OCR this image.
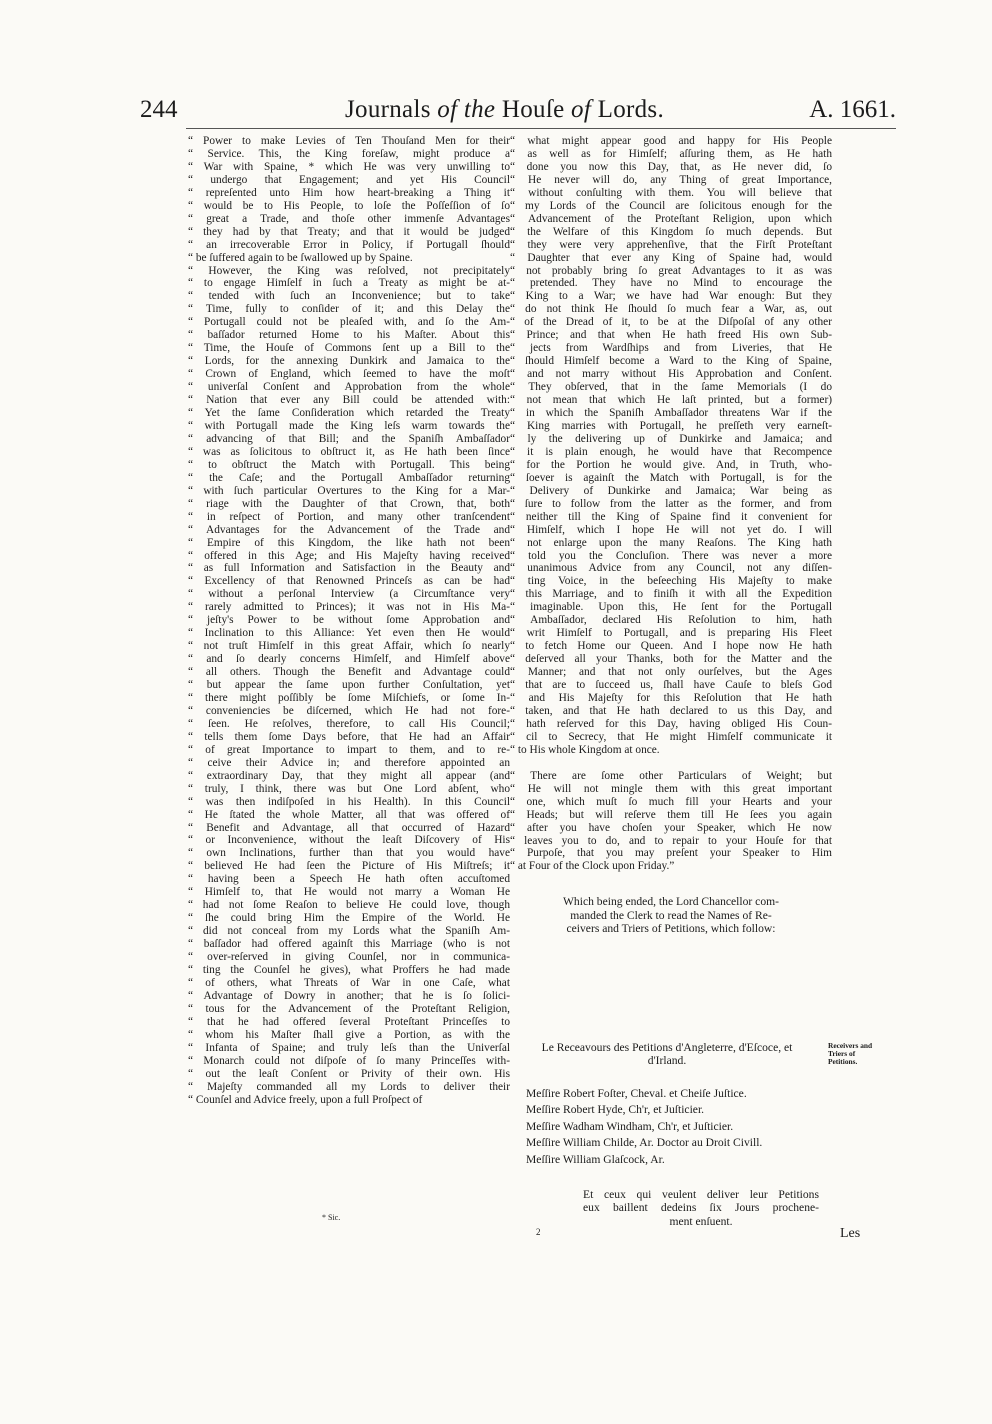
244	Journals of the Houſe of Lords.	A. 1661.
“ Power to make Levies of Ten Thouſand Men for their
“ Service. This, the King foreſaw, might produce a
“ War with Spaine, * which He was very unwilling to
“ undergo that Engagement; and yet His Council
“ repreſented unto Him how heart-breaking a Thing it
“ would be to His People, to loſe the Poſſeſſion of ſo
“ great a Trade, and thoſe other immenſe Advantages
“ they had by that Treaty; and that it would be judged
“ an irrecoverable Error in Policy, if Portugall ſhould
“ be ſuffered again to be ſwallowed up by Spaine.
“ However, the King was reſolved, not precipitately
“ to engage Himſelf in ſuch a Treaty as might be at-
“ tended with ſuch an Inconvenience; but to take
“ Time, fully to conſider of it; and this Delay the
“ Portugall could not be pleaſed with, and ſo the Am-
“ baſſador returned Home to his Maſter. About this
“ Time, the Houſe of Commons ſent up a Bill to the
“ Lords, for the annexing Dunkirk and Jamaica to the
“ Crown of England, which ſeemed to have the moſt
“ univerſal Conſent and Approbation from the whole
“ Nation that ever any Bill could be attended with:
“ Yet the ſame Conſideration which retarded the Treaty
“ with Portugall made the King leſs warm towards the
“ advancing of that Bill; and the Spaniſh Ambaſſador
“ was as ſolicitous to obſtruct it, as He hath been ſince
“ to obſtruct the Match with Portugall. This being
“ the Caſe; and the Portugall Ambaſſador returning
“ with ſuch particular Overtures to the King for a Mar-
“ riage with the Daughter of that Crown, that, both
“ in reſpect of Portion, and many other tranſcendent
“ Advantages for the Advancement of the Trade and
“ Empire of this Kingdom, the like hath not been
“ offered in this Age; and His Majeſty having received
“ as full Information and Satisfaction in the Beauty and
“ Excellency of that Renowned Princeſs as can be had
“ without a perſonal Interview (a Circumſtance very
“ rarely admitted to Princes); it was not in His Ma-
“ jeſty's Power to be without ſome Approbation and
“ Inclination to this Alliance: Yet even then He would
“ not truſt Himſelf in this great Affair, which ſo nearly
“ and ſo dearly concerns Himſelf, and Himſelf above
“ all others. Though the Benefit and Advantage could
“ but appear the ſame upon further Conſultation, yet
“ there might poſſibly be ſome Miſchiefs, or ſome In-
“ conveniencies be diſcerned, which He had not fore-
“ ſeen. He reſolves, therefore, to call His Council;
“ tells them ſome Days before, that He had an Affair
“ of great Importance to impart to them, and to re-
“ ceive their Advice in; and therefore appointed an
“ extraordinary Day, that they might all appear (and
“ truly, I think, there was but One Lord abſent, who
“ was then indiſpoſed in his Health). In this Council
“ He ſtated the whole Matter, all that was offered of
“ Benefit and Advantage, all that occurred of Hazard
“ or Inconvenience, without the leaſt Diſcovery of His
“ own Inclinations, further than that you would have
“ believed He had ſeen the Picture of His Miſtreſs; it
“ having been a Speech He hath often accuſtomed
“ Himſelf to, that He would not marry a Woman He
“ had not ſome Reaſon to believe He could love, though
“ ſhe could bring Him the Empire of the World. He
“ did not conceal from my Lords what the Spaniſh Am-
“ baſſador had offered againſt this Marriage (who is not
“ over-reſerved in giving Counſel, nor in communica-
“ ting the Counſel he gives), what Proffers he had made
“ of others, what Threats of War in one Caſe, what
“ Advantage of Dowry in another; that he is ſo ſolici-
“ tous for the Advancement of the Proteſtant Religion,
“ that he had offered ſeveral Proteſtant Princeſſes to
“ whom his Maſter ſhall give a Portion, as with the
“ Infanta of Spaine; and truly leſs than the Univerſal
“ Monarch could not diſpoſe of ſo many Princeſſes with-
“ out the leaſt Conſent or Privity of their own. His
“ Majeſty commanded all my Lords to deliver their
“ Counſel and Advice freely, upon a full Proſpect of
“ what might appear good and happy for His People
“ as well as for Himſelf; aſſuring them, as He hath
“ done you now this Day, that, as He never did, ſo
“ He never will do, any Thing of great Importance,
“ without conſulting with them. You will believe that
“ my Lords of the Council are ſolicitous enough for the
“ Advancement of the Proteſtant Religion, upon which
“ the Welfare of this Kingdom ſo much depends. But
“ they were very apprehenſive, that the Firſt Proteſtant
“ Daughter that ever any King of Spaine had, would
“ not probably bring ſo great Advantages to it as was
“ pretended. They have no Mind to encourage the
“ King to a War; we have had War enough: But they
“ do not think He ſhould ſo much fear a War, as, out
“ of the Dread of it, to be at the Diſpoſal of any other
“ Prince; and that when He hath freed His own Sub-
“ jects from Wardſhips and from Liveries, that He
“ ſhould Himſelf become a Ward to the King of Spaine,
“ and not marry without His Approbation and Conſent.
“ They obſerved, that in the ſame Memorials (I do
“ not mean that which He laſt printed, but a former)
“ in which the Spaniſh Ambaſſador threatens War if the
“ King marries with Portugall, he preſſeth very earneſt-
“ ly the delivering up of Dunkirke and Jamaica; and
“ it is plain enough, he would have that Recompence
“ for the Portion he would give. And, in Truth, who-
“ ſoever is againſt the Match with Portugall, is for the
“ Delivery of Dunkirke and Jamaica; War being as
“ ſure to follow from the latter as the former, and from
“ neither till the King of Spaine find it convenient for
“ Himſelf, which I hope He will not yet do. I will
“ not enlarge upon the many Reaſons. The King hath
“ told you the Concluſion. There was never a more
“ unanimous Advice from any Council, not any diſſen-
“ ting Voice, in the beſeeching His Majeſty to make
“ this Marriage, and to finiſh it with all the Expedition
“ imaginable. Upon this, He ſent for the Portugall
“ Ambaſſador, declared His Reſolution to him, hath
“ writ Himſelf to Portugall, and is preparing His Fleet
“ to fetch Home our Queen. And I hope now He hath
“ deſerved all your Thanks, both for the Matter and the
“ Manner; and that not only ourſelves, but the Ages
“ that are to ſucceed us, ſhall have Cauſe to bleſs God
“ and His Majeſty for this Reſolution that He hath
“ taken, and that He hath declared to us this Day, and
“ hath reſerved for this Day, having obliged His Coun-
“ cil to Secrecy, that He might Himſelf communicate it
“ to His whole Kingdom at once.
“ There are ſome other Particulars of Weight; but
“ He will not mingle them with this great important
“ one, which muſt ſo much fill your Hearts and your
“ Heads; but will reſerve them till He ſees you again
“ after you have choſen your Speaker, which He now
“ leaves you to do, and to repair to your Houſe for that
“ Purpoſe, that you may preſent your Speaker to Him
“ at Four of the Clock upon Friday.”
Which being ended, the Lord Chancellor com-
manded the Clerk to read the Names of Re-
ceivers and Triers of Petitions, which follow:
Le Receavours des Petitions d'Angleterre, d'Eſcoce, et
d'Irland.
Receivers and Triers of Petitions.
Meſſire Robert Foſter, Cheval. et Cheiſe Juſtice.
Meſſire Robert Hyde, Ch'r, et Juſticier.
Meſſire Wadham Windham, Ch'r, et Juſticier.
Meſſire William Childe, Ar. Doctor au Droit Civill.
Meſſire William Glaſcock, Ar.
Et ceux qui veulent deliver leur Petitions
eux baillent dedeins ſix Jours prochene-
ment enſuent.
* Sic.
2	Les
